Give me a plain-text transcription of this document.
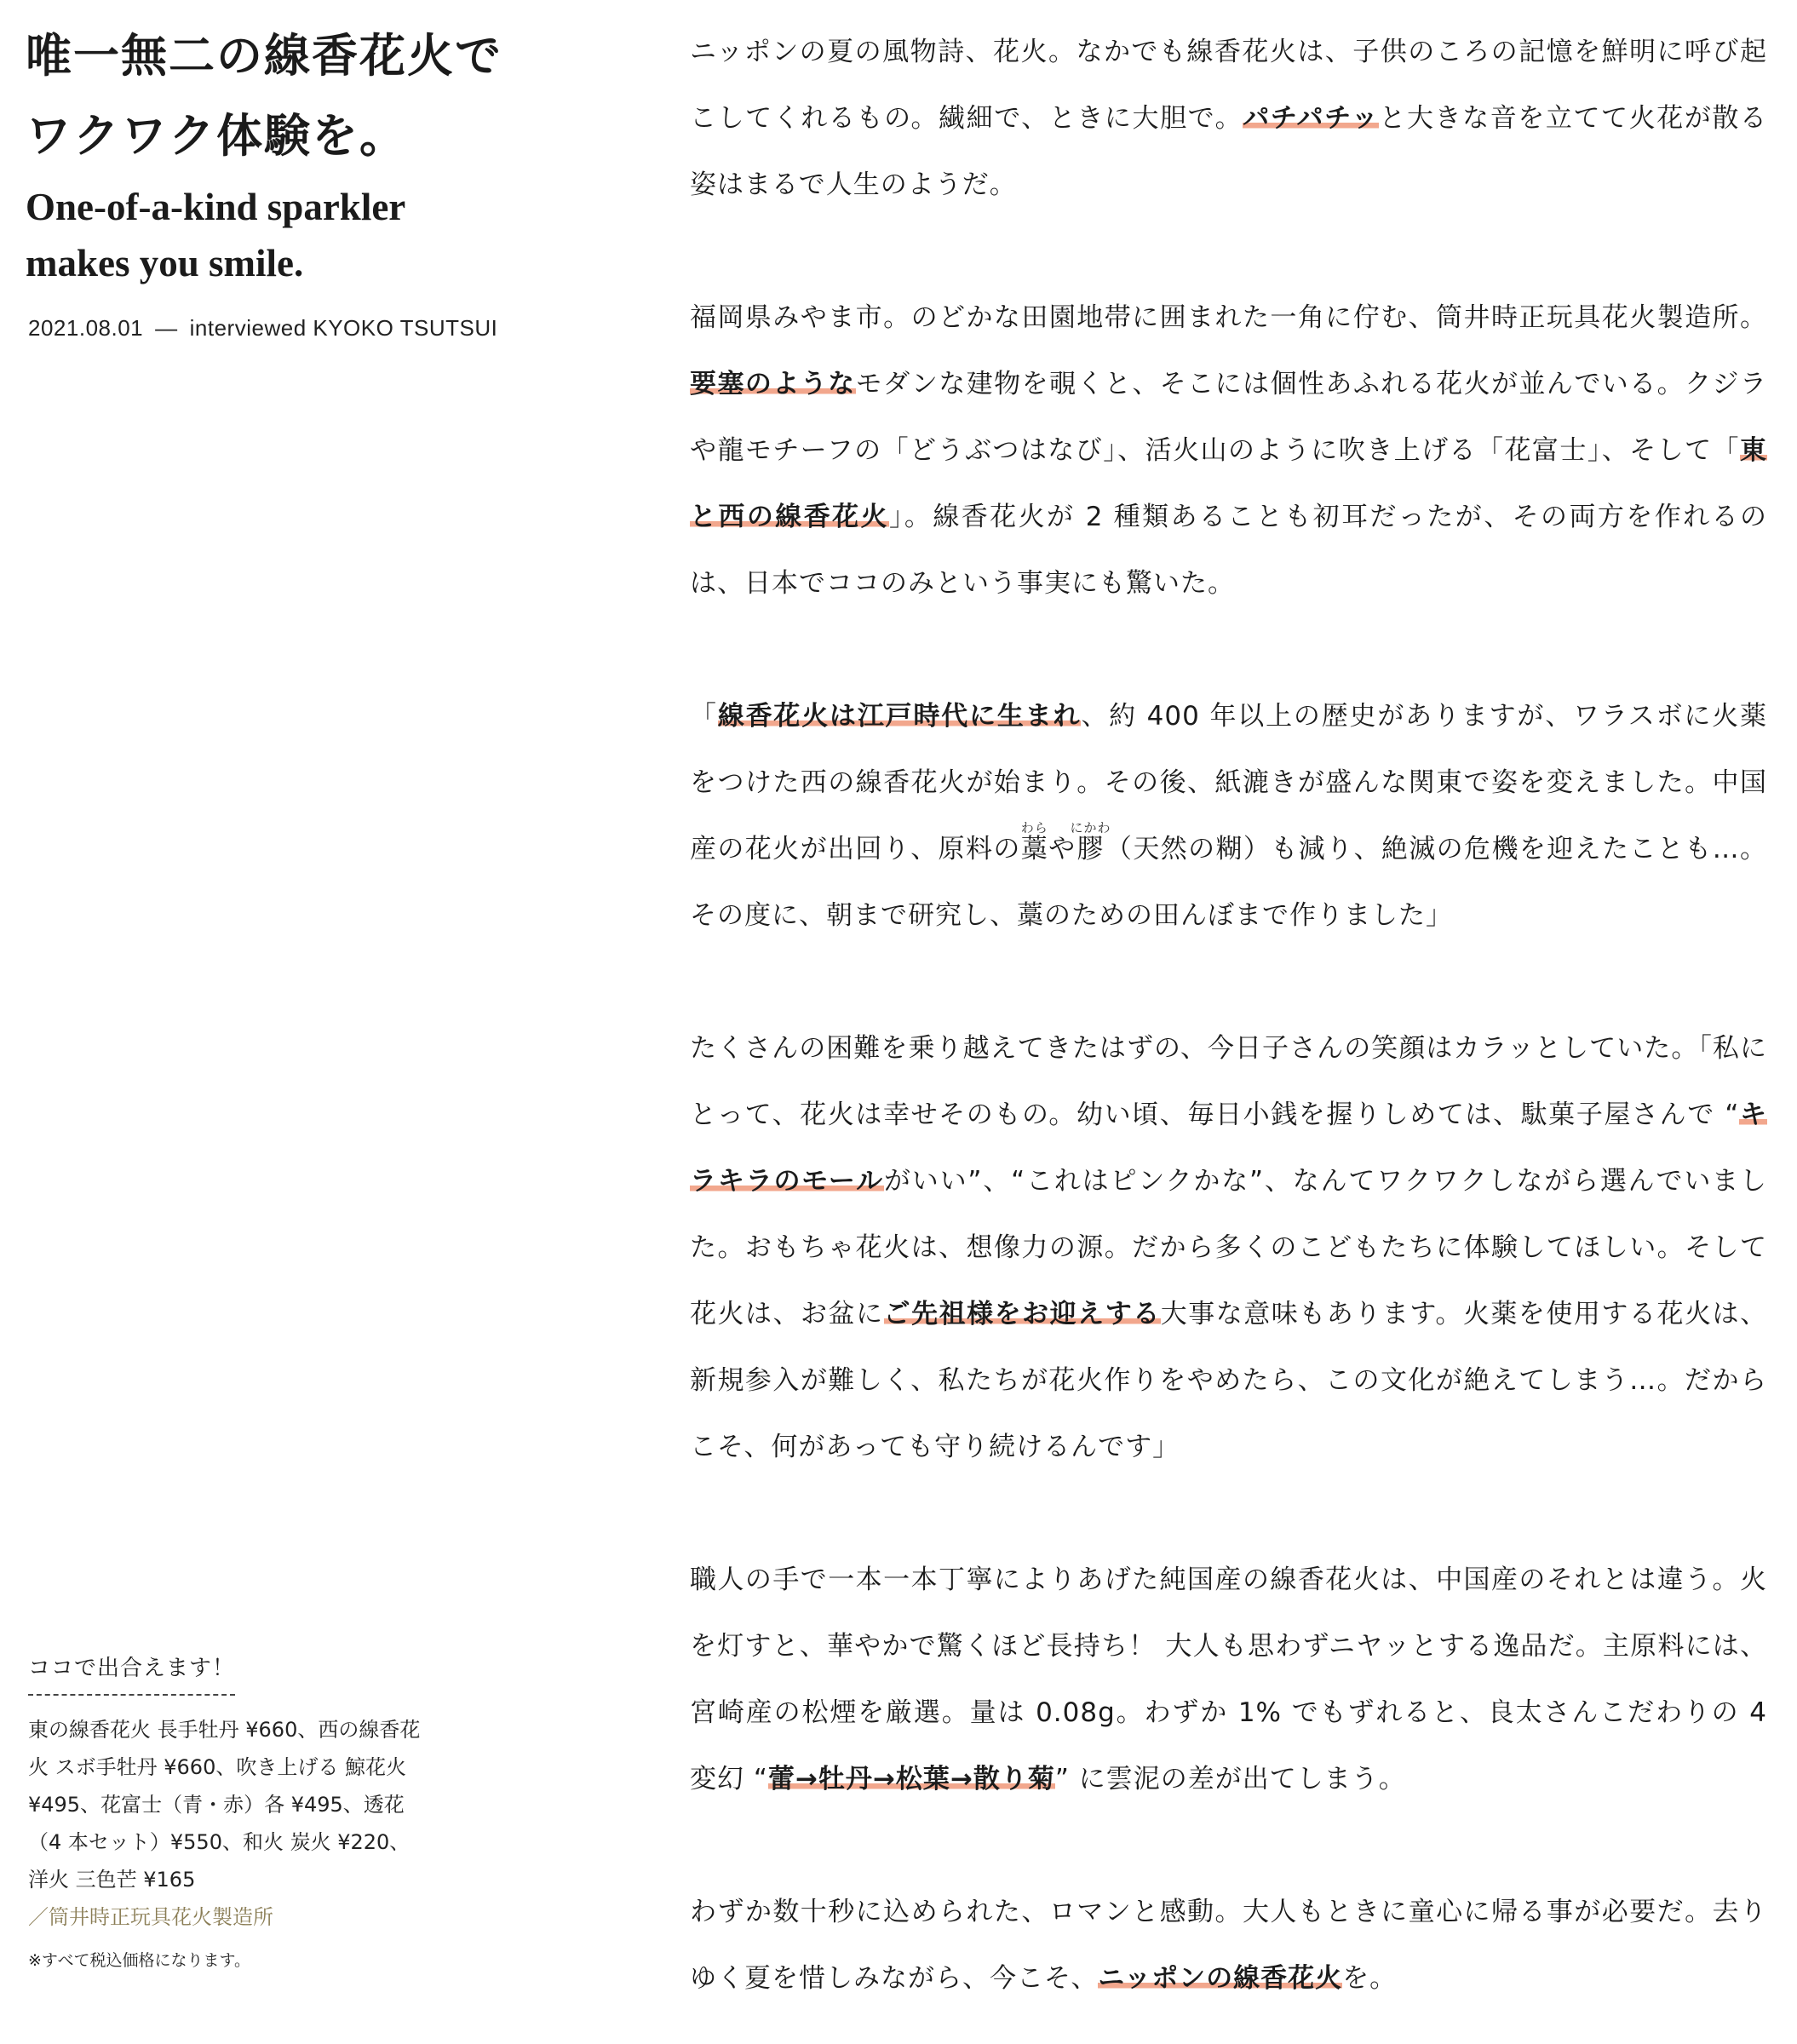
唯一無二の線香花火で
ワクワク体験を。
One-of-a-kind sparkler
makes you smile.

2021.08.01 — interviewed KYOKO TSUTSUI

ココで出合えます！

東の線香花火 長手牡丹 ¥660、西の線香花火 スボ手牡丹 ¥660、吹き上げる 鯨花火 ¥495、花富士（青・赤）各 ¥495、透花（4 本セット）¥550、和火 炭火 ¥220、洋火 三色芒 ¥165
／筒井時正玩具花火製造所

※すべて税込価格になります。

ニッポンの夏の風物詩、花火。なかでも線香花火は、子供のころの記憶を鮮明に呼び起こしてくれるもの。繊細で、ときに大胆で。パチパチッと大きな音を立てて火花が散る姿はまるで人生のようだ。

福岡県みやま市。のどかな田園地帯に囲まれた一角に佇む、筒井時正玩具花火製造所。要塞のようなモダンな建物を覗くと、そこには個性あふれる花火が並んでいる。クジラや龍モチーフの「どうぶつはなび」、活火山のように吹き上げる「花富士」、そして「東と西の線香花火」。線香花火が 2 種類あることも初耳だったが、その両方を作れるのは、日本でココのみという事実にも驚いた。

「線香花火は江戸時代に生まれ、約 400 年以上の歴史がありますが、ワラスボに火薬をつけた西の線香花火が始まり。その後、紙漉きが盛んな関東で姿を変えました。中国産の花火が出回り、原料の藁わらや膠にかわ（天然の糊）も減り、絶滅の危機を迎えたことも…。その度に、朝まで研究し、藁のための田んぼまで作りました」

たくさんの困難を乗り越えてきたはずの、今日子さんの笑顔はカラッとしていた。「私にとって、花火は幸せそのもの。幼い頃、毎日小銭を握りしめては、駄菓子屋さんで “キラキラのモールがいい”、“これはピンクかな”、なんてワクワクしながら選んでいました。おもちゃ花火は、想像力の源。だから多くのこどもたちに体験してほしい。そして花火は、お盆にご先祖様をお迎えする大事な意味もあります。火薬を使用する花火は、新規参入が難しく、私たちが花火作りをやめたら、この文化が絶えてしまう…。だからこそ、何があっても守り続けるんです」

職人の手で一本一本丁寧によりあげた純国産の線香花火は、中国産のそれとは違う。火を灯すと、華やかで驚くほど長持ち！ 大人も思わずニヤッとする逸品だ。主原料には、宮崎産の松煙を厳選。量は 0.08g。わずか 1% でもずれると、良太さんこだわりの 4 変幻 “蕾→牡丹→松葉→散り菊” に雲泥の差が出てしまう。

わずか数十秒に込められた、ロマンと感動。大人もときに童心に帰る事が必要だ。去りゆく夏を惜しみながら、今こそ、ニッポンの線香花火を。
